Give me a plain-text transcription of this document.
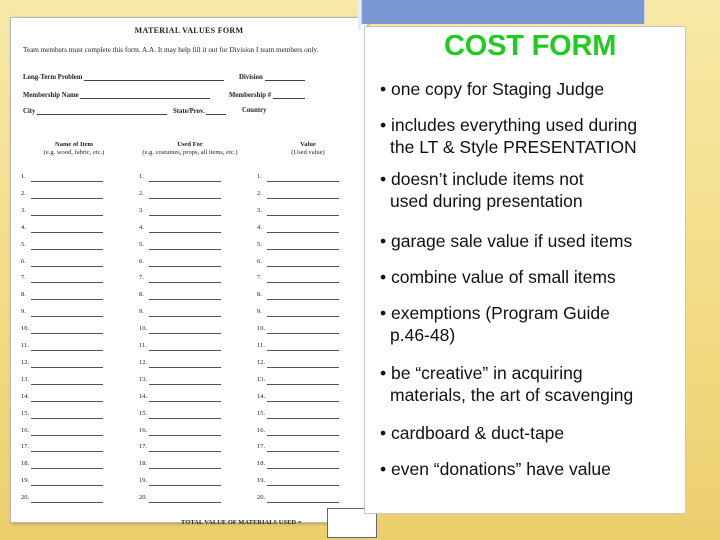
MATERIAL VALUES FORM
Team members must complete this form. A.A. It may help fill it out for Division I team members only.
Long-Term Problem	Division
Membership Name	Membership #
City	State/Prov.	Country
Name of Item
(e.g. wood, fabric, etc.)
Used For
(e.g. costumes, props, all items, etc.)
Value
(Used value)
1.	1.	1.
2.	2.	2.
3.	3.	3.
4.	4.	4.
5.	5.	5.
6.	6.	6.
7.	7.	7.
8.	8.	8.
9.	9.	9.
10.	10.	10.
11.	11.	11.
12.	12.	12.
13.	13.	13.
14.	14.	14.
15.	15.	15.
16.	16.	16.
17.	17.	17.
18.	18.	18.
19.	19.	19.
20.	20.	20.
TOTAL VALUE OF MATERIALS USED =
COST FORM
• one copy for Staging Judge
• includes everything used during
the LT & Style PRESENTATION
• doesn’t include items not
used during presentation
• garage sale value if used items
• combine value of small items
• exemptions (Program Guide
p.46-48)
• be “creative” in acquiring
materials, the art of scavenging
• cardboard & duct-tape
• even “donations” have value
